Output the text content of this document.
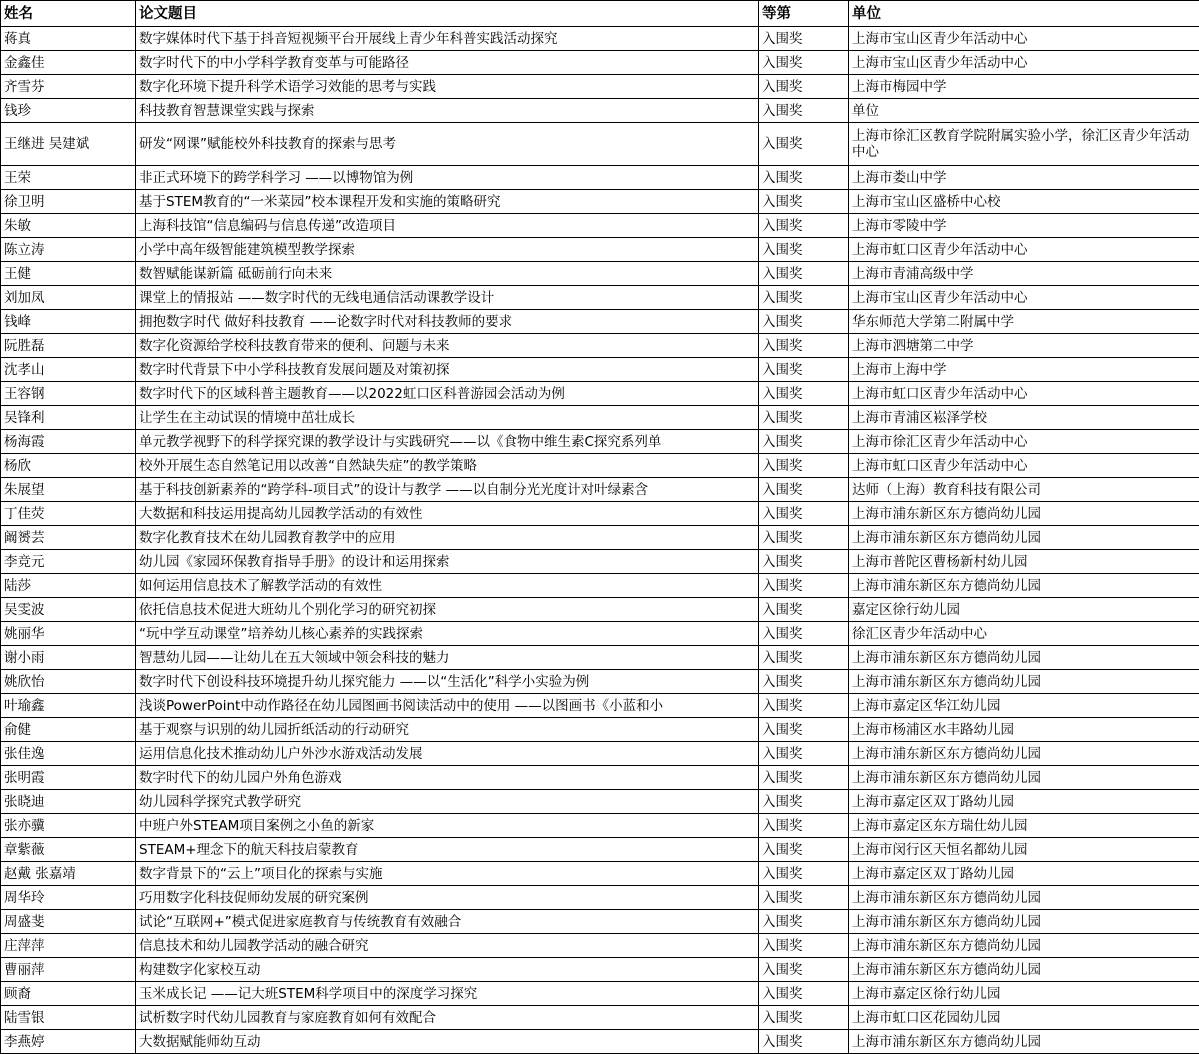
姓名	论文题目	等第	单位
蒋真	数字媒体时代下基于抖音短视频平台开展线上青少年科普实践活动探究	入围奖	上海市宝山区青少年活动中心
金鑫佳	数字时代下的中小学科学教育变革与可能路径	入围奖	上海市宝山区青少年活动中心
齐雪芬	数字化环境下提升科学术语学习效能的思考与实践	入围奖	上海市梅园中学
钱珍	科技教育智慧课堂实践与探索	入围奖	单位
王继进 吴建斌	研发“网课”赋能校外科技教育的探索与思考	入围奖	上海市徐汇区教育学院附属实验小学，徐汇区青少年活动中心
王荣	非正式环境下的跨学科学习 ——以博物馆为例	入围奖	上海市娄山中学
徐卫明	基于STEM教育的“一米菜园”校本课程开发和实施的策略研究	入围奖	上海市宝山区盛桥中心校
朱敏	上海科技馆“信息编码与信息传递”改造项目	入围奖	上海市零陵中学
陈立涛	小学中高年级智能建筑模型教学探索	入围奖	上海市虹口区青少年活动中心
王健	数智赋能谋新篇 砥砺前行向未来	入围奖	上海市青浦高级中学
刘加凤	课堂上的情报站 ——数字时代的无线电通信活动课教学设计	入围奖	上海市宝山区青少年活动中心
钱峰	拥抱数字时代 做好科技教育 ——论数字时代对科技教师的要求	入围奖	华东师范大学第二附属中学
阮胜磊	数字化资源给学校科技教育带来的便利、问题与未来	入围奖	上海市泗塘第二中学
沈孝山	数字时代背景下中小学科技教育发展问题及对策初探	入围奖	上海市上海中学
王容钢	数字时代下的区域科普主题教育——以2022虹口区科普游园会活动为例	入围奖	上海市虹口区青少年活动中心
吴锋利	让学生在主动试误的情境中茁壮成长	入围奖	上海市青浦区崧泽学校
杨海霞	单元教学视野下的科学探究课的教学设计与实践研究——以《食物中维生素C探究系列单	入围奖	上海市徐汇区青少年活动中心
杨欣	校外开展生态自然笔记用以改善“自然缺失症”的教学策略	入围奖	上海市虹口区青少年活动中心
朱展望	基于科技创新素养的“跨学科-项目式”的设计与教学 ——以自制分光光度计对叶绿素含	入围奖	达师（上海）教育科技有限公司
丁佳荧	大数据和科技运用提高幼儿园教学活动的有效性	入围奖	上海市浦东新区东方德尚幼儿园
阚赟芸	数字化教育技术在幼儿园教育教学中的应用	入围奖	上海市浦东新区东方德尚幼儿园
李竞元	幼儿园《家园环保教育指导手册》的设计和运用探索	入围奖	上海市普陀区曹杨新村幼儿园
陆莎	如何运用信息技术了解教学活动的有效性	入围奖	上海市浦东新区东方德尚幼儿园
吴雯波	依托信息技术促进大班幼儿个别化学习的研究初探	入围奖	嘉定区徐行幼儿园
姚丽华	“玩中学互动课堂”培养幼儿核心素养的实践探索	入围奖	徐汇区青少年活动中心
谢小雨	智慧幼儿园——让幼儿在五大领域中领会科技的魅力	入围奖	上海市浦东新区东方德尚幼儿园
姚欣怡	数字时代下创设科技环境提升幼儿探究能力 ——以“生活化”科学小实验为例	入围奖	上海市浦东新区东方德尚幼儿园
叶瑜鑫	浅谈PowerPoint中动作路径在幼儿园图画书阅读活动中的使用 ——以图画书《小蓝和小	入围奖	上海市嘉定区华江幼儿园
俞健	基于观察与识别的幼儿园折纸活动的行动研究	入围奖	上海市杨浦区水丰路幼儿园
张佳逸	运用信息化技术推动幼儿户外沙水游戏活动发展	入围奖	上海市浦东新区东方德尚幼儿园
张明霞	数字时代下的幼儿园户外角色游戏	入围奖	上海市浦东新区东方德尚幼儿园
张晓迪	幼儿园科学探究式教学研究	入围奖	上海市嘉定区双丁路幼儿园
张亦骥	中班户外STEAM项目案例之小鱼的新家	入围奖	上海市嘉定区东方瑞仕幼儿园
章紫薇	STEAM+理念下的航天科技启蒙教育	入围奖	上海市闵行区天恒名都幼儿园
赵戴 张嘉靖	数字背景下的“云上”项目化的探索与实施	入围奖	上海市嘉定区双丁路幼儿园
周华玲	巧用数字化科技促师幼发展的研究案例	入围奖	上海市浦东新区东方德尚幼儿园
周盛斐	试论“互联网+”模式促进家庭教育与传统教育有效融合	入围奖	上海市浦东新区东方德尚幼儿园
庄萍萍	信息技术和幼儿园教学活动的融合研究	入围奖	上海市浦东新区东方德尚幼儿园
曹丽萍	构建数字化家校互动	入围奖	上海市浦东新区东方德尚幼儿园
顾裔	玉米成长记 ——记大班STEM科学项目中的深度学习探究	入围奖	上海市嘉定区徐行幼儿园
陆雪银	试析数字时代幼儿园教育与家庭教育如何有效配合	入围奖	上海市虹口区花园幼儿园
李燕婷	大数据赋能师幼互动	入围奖	上海市浦东新区东方德尚幼儿园
